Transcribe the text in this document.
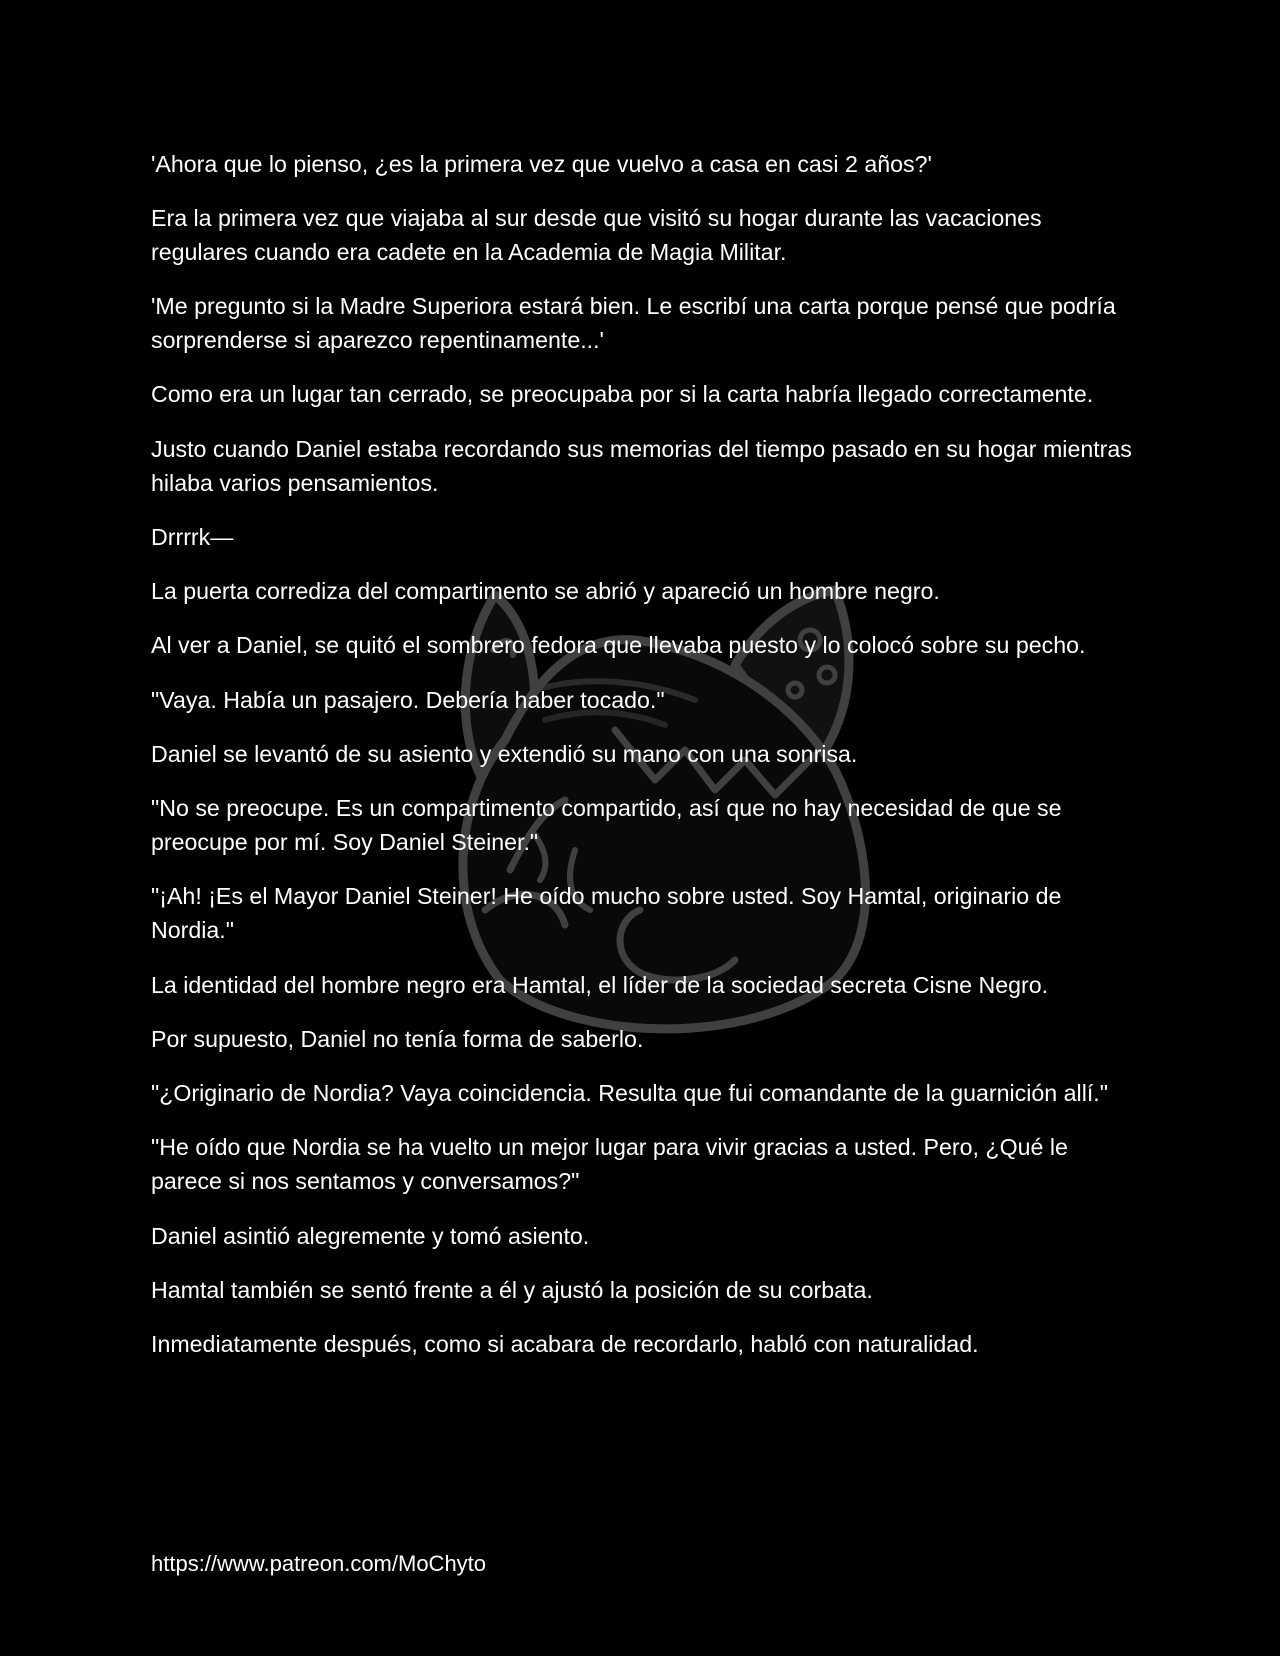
'Ahora que lo pienso, ¿es la primera vez que vuelvo a casa en casi 2 años?'

Era la primera vez que viajaba al sur desde que visitó su hogar durante las vacaciones regulares cuando era cadete en la Academia de Magia Militar.

'Me pregunto si la Madre Superiora estará bien. Le escribí una carta porque pensé que podría sorprenderse si aparezco repentinamente...'

Como era un lugar tan cerrado, se preocupaba por si la carta habría llegado correctamente.

Justo cuando Daniel estaba recordando sus memorias del tiempo pasado en su hogar mientras hilaba varios pensamientos.

Drrrrk—

La puerta corrediza del compartimento se abrió y apareció un hombre negro.

Al ver a Daniel, se quitó el sombrero fedora que llevaba puesto y lo colocó sobre su pecho.

"Vaya. Había un pasajero. Debería haber tocado."

Daniel se levantó de su asiento y extendió su mano con una sonrisa.

"No se preocupe. Es un compartimento compartido, así que no hay necesidad de que se preocupe por mí. Soy Daniel Steiner."

"¡Ah! ¡Es el Mayor Daniel Steiner! He oído mucho sobre usted. Soy Hamtal, originario de Nordia."

La identidad del hombre negro era Hamtal, el líder de la sociedad secreta Cisne Negro.

Por supuesto, Daniel no tenía forma de saberlo.

"¿Originario de Nordia? Vaya coincidencia. Resulta que fui comandante de la guarnición allí."

"He oído que Nordia se ha vuelto un mejor lugar para vivir gracias a usted. Pero, ¿Qué le parece si nos sentamos y conversamos?"

Daniel asintió alegremente y tomó asiento.

Hamtal también se sentó frente a él y ajustó la posición de su corbata.

Inmediatamente después, como si acabara de recordarlo, habló con naturalidad.

https://www.patreon.com/MoChyto
